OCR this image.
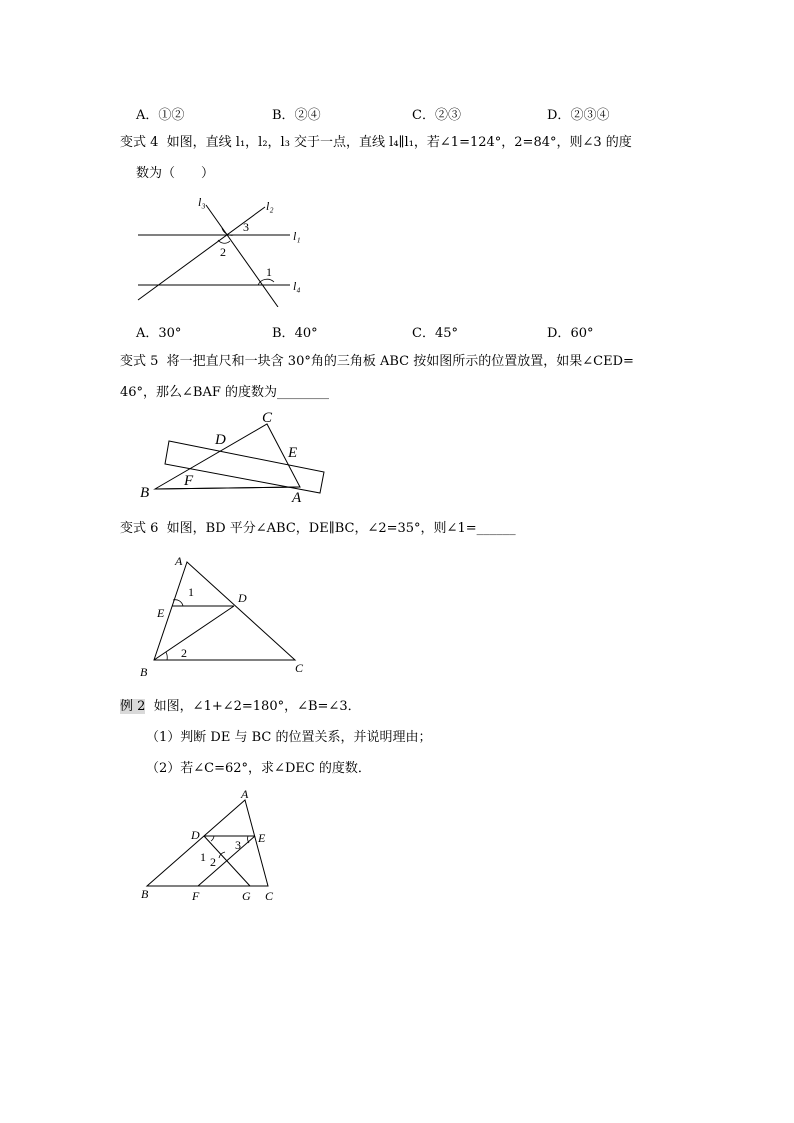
A．①②	B．②④	C．②③	D．②③④
变式 4 如图，直线 l₁，l₂，l₃ 交于一点，直线 l₄∥l₁，若∠1=124°，2=84°，则∠3 的度
数为（　　）
l₃	l₂
l₁
l₄
3
2
1
A．30°	B．40°	C．45°	D．60°
变式 5 将一把直尺和一块含 30°角的三角板 ABC 按如图所示的位置放置，如果∠CED=
46°，那么∠BAF 的度数为________
C
D
E
B
F
A
变式 6 如图，BD 平分∠ABC，DE∥BC，∠2=35°，则∠1=______
A
D
E
B	C
1
2
例 2 如图，∠1+∠2=180°，∠B=∠3．
（1）判断 DE 与 BC 的位置关系，并说明理由；
（2）若∠C=62°，求∠DEC 的度数．
A
D	E
B	F	G C
1 2
3
